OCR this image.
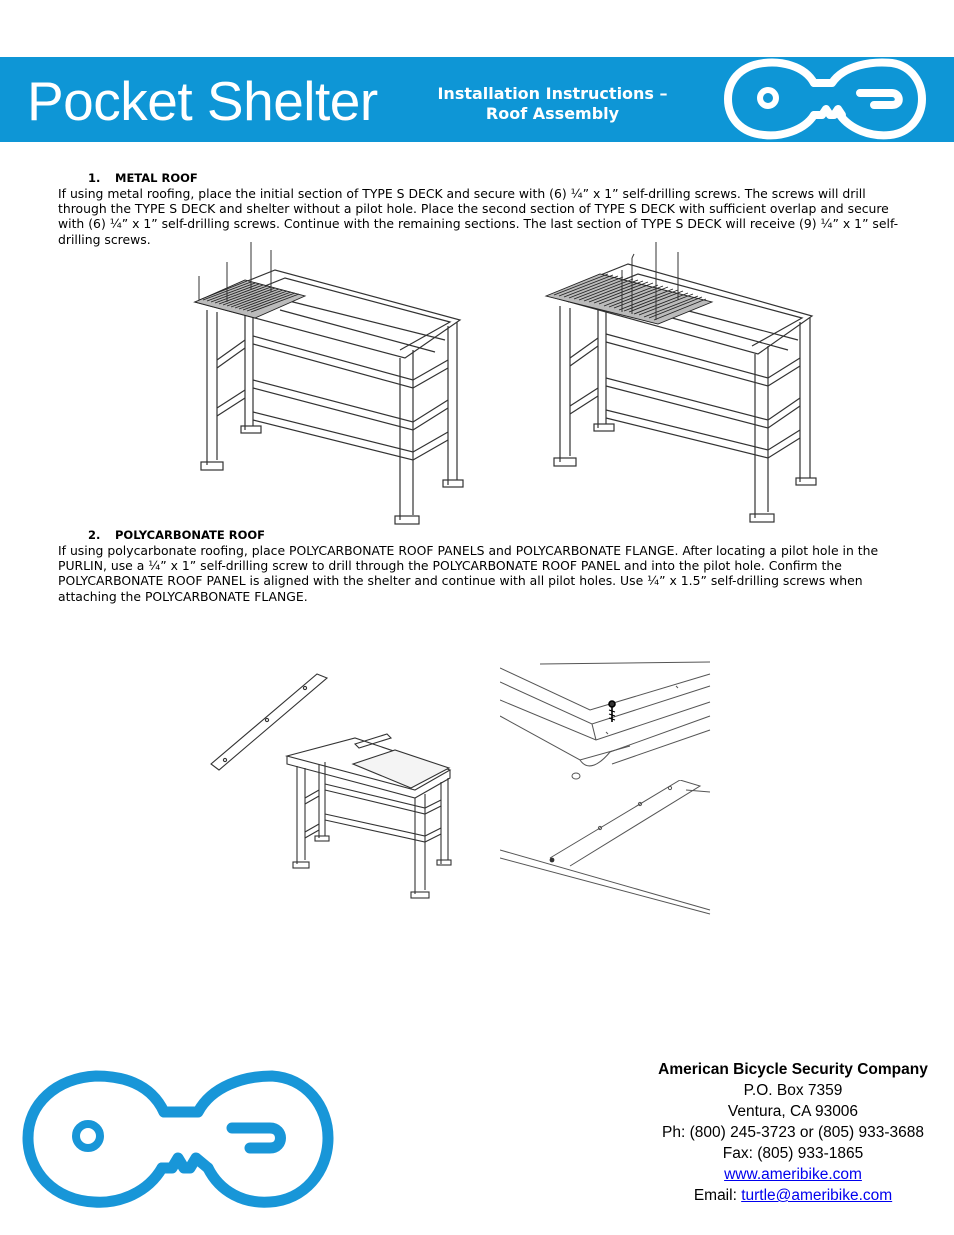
Pocket Shelter	Installation Instructions –
Roof Assembly
1. METAL ROOF
If using metal roofing, place the initial section of TYPE S DECK and secure with (6) ¼” x 1” self-drilling screws. The screws will drill through the TYPE S DECK and shelter without a pilot hole. Place the second section of TYPE S DECK with sufficient overlap and secure with (6) ¼” x 1” self-drilling screws. Continue with the remaining sections. The last section of TYPE S DECK will receive (9) ¼” x 1” self-drilling screws.
2. POLYCARBONATE ROOF
If using polycarbonate roofing, place POLYCARBONATE ROOF PANELS and POLYCARBONATE FLANGE. After locating a pilot hole in the PURLIN, use a ¼” x 1” self-drilling screw to drill through the POLYCARBONATE ROOF PANEL and into the pilot hole. Confirm the POLYCARBONATE ROOF PANEL is aligned with the shelter and continue with all pilot holes. Use ¼” x 1.5” self-drilling screws when attaching the POLYCARBONATE FLANGE.
American Bicycle Security Company
P.O. Box 7359
Ventura, CA 93006
Ph: (800) 245-3723 or (805) 933-3688
Fax: (805) 933-1865
www.ameribike.com
Email: turtle@ameribike.com
